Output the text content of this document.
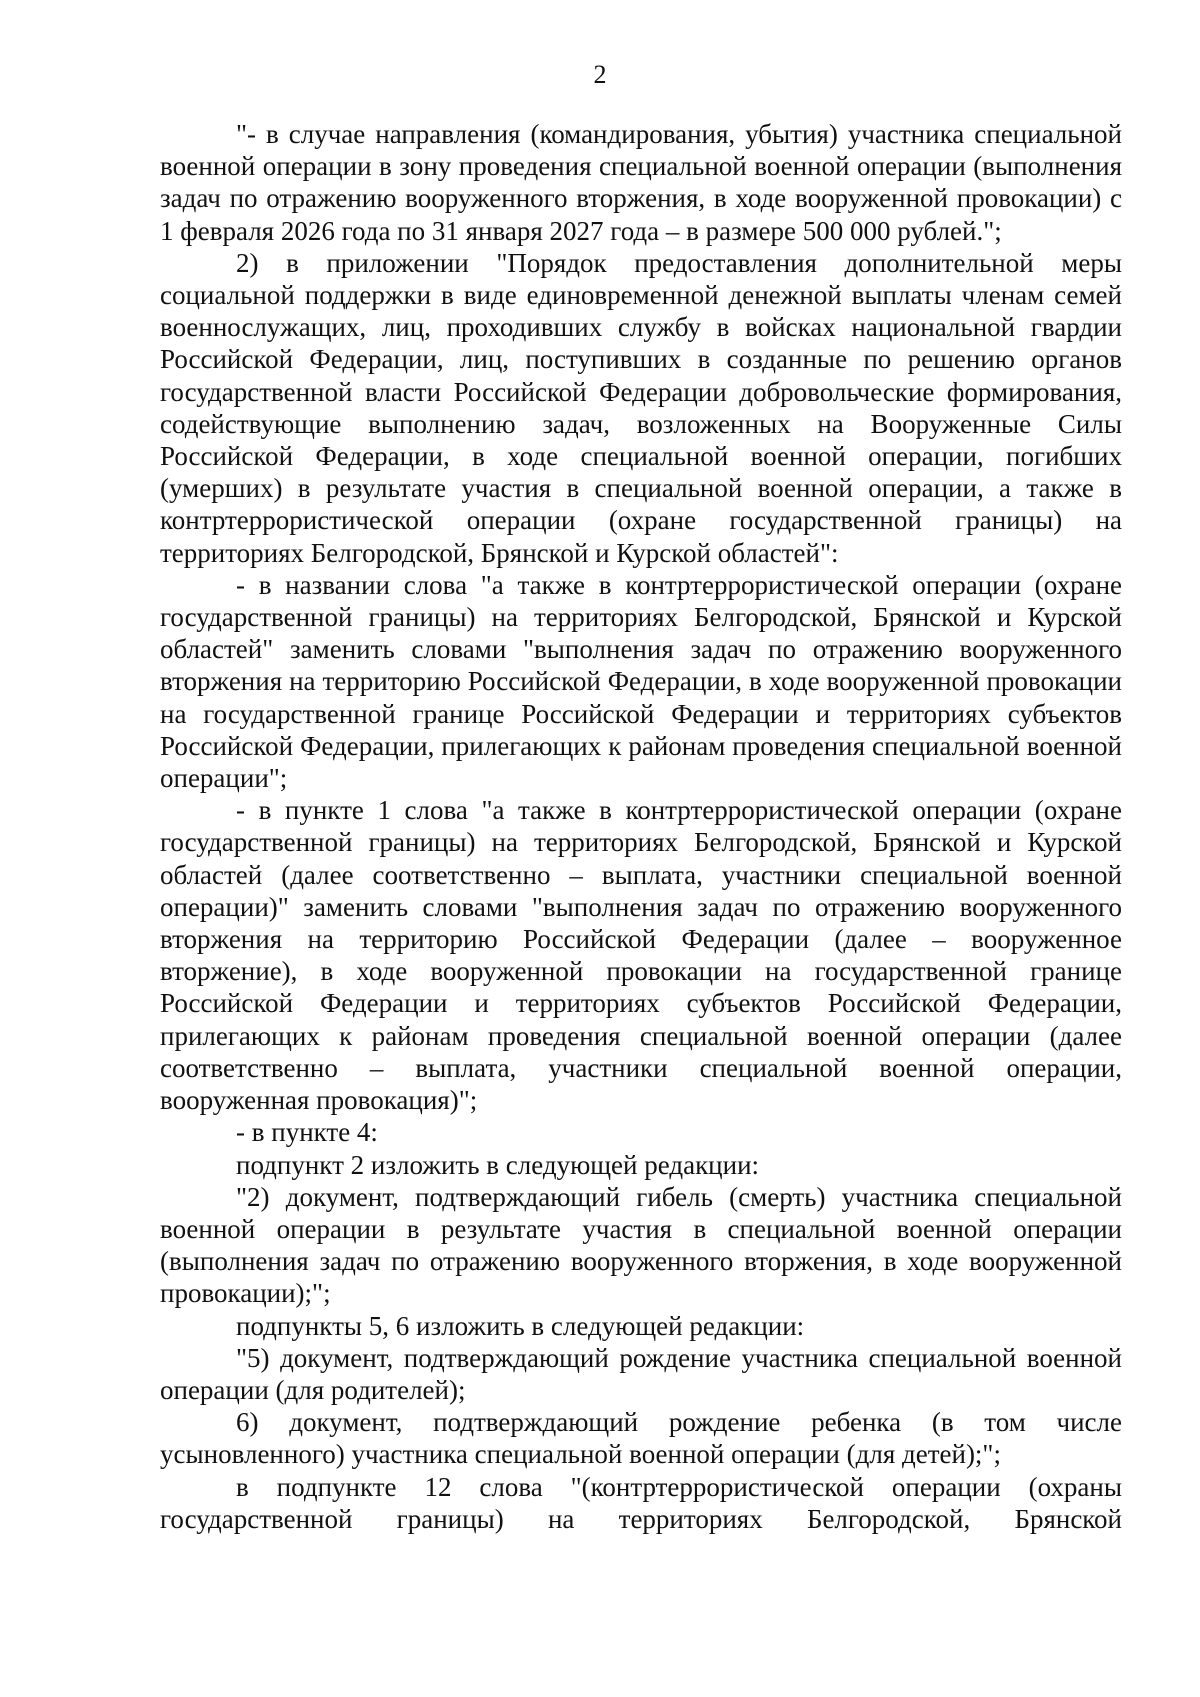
2

"- в случае направления (командирования, убытия) участника специальной военной операции в зону проведения специальной военной операции (выполнения задач по отражению вооруженного вторжения, в ходе вооруженной провокации) с 1 февраля 2026 года по 31 января 2027 года – в размере 500 000 рублей.";

2) в приложении "Порядок предоставления дополнительной меры социальной поддержки в виде единовременной денежной выплаты членам семей военнослужащих, лиц, проходивших службу в войсках национальной гвардии Российской Федерации, лиц, поступивших в созданные по решению органов государственной власти Российской Федерации добровольческие формирования, содействующие выполнению задач, возложенных на Вооруженные Силы Российской Федерации, в ходе специальной военной операции, погибших (умерших) в результате участия в специальной военной операции, а также в контртеррористической операции (охране государственной границы) на территориях Белгородской, Брянской и Курской областей":

- в названии слова "а также в контртеррористической операции (охране государственной границы) на территориях Белгородской, Брянской и Курской областей" заменить словами "выполнения задач по отражению вооруженного вторжения на территорию Российской Федерации, в ходе вооруженной провокации на государственной границе Российской Федерации и территориях субъектов Российской Федерации, прилегающих к районам проведения специальной военной операции";

- в пункте 1 слова "а также в контртеррористической операции (охране государственной границы) на территориях Белгородской, Брянской и Курской областей (далее соответственно – выплата, участники специальной военной операции)" заменить словами "выполнения задач по отражению вооруженного вторжения на территорию Российской Федерации (далее – вооруженное вторжение), в ходе вооруженной провокации на государственной границе Российской Федерации и территориях субъектов Российской Федерации, прилегающих к районам проведения специальной военной операции (далее соответственно – выплата, участники специальной военной операции, вооруженная провокация)";

- в пункте 4:

подпункт 2 изложить в следующей редакции:

"2) документ, подтверждающий гибель (смерть) участника специальной военной операции в результате участия в специальной военной операции (выполнения задач по отражению вооруженного вторжения, в ходе вооруженной провокации);";

подпункты 5, 6 изложить в следующей редакции:

"5) документ, подтверждающий рождение участника специальной военной операции (для родителей);

6) документ, подтверждающий рождение ребенка (в том числе усыновленного) участника специальной военной операции (для детей);";

в подпункте 12 слова "(контртеррористической операции (охраны государственной границы) на территориях Белгородской, Брянской
